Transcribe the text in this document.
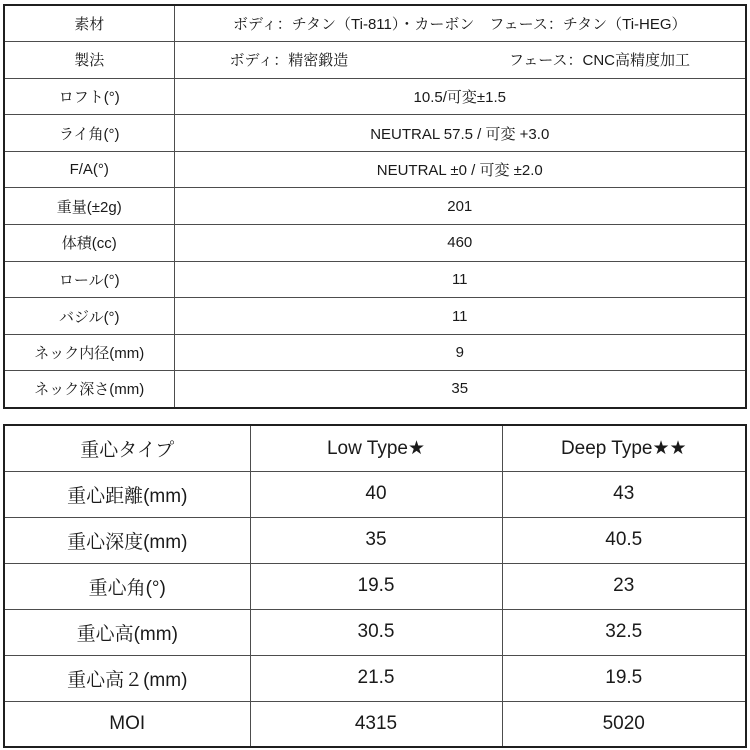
素材	ボディ：チタン（Ti-811）・カーボン　フェース：チタン（Ti-HEG）
製法	ボディ：精密鍛造 フェース：CNC高精度加工

ロフト(°)	10.5/可変±1.5
ライ角(°)	NEUTRAL 57.5 / 可変 +3.0
F/A(°)	NEUTRAL ±0 / 可変 ±2.0
重量(±2g)	201
体積(cc)	460
ロール(°)	11
バジル(°)	11
ネック内径(mm)	9
ネック深さ(mm)	35
重心タイプ	Low Type★	Deep Type★★
重心距離(mm)	40	43
重心深度(mm)	35	40.5
重心角(°)	19.5	23
重心高(mm)	30.5	32.5
重心高２(mm)	21.5	19.5
MOI	4315	5020
